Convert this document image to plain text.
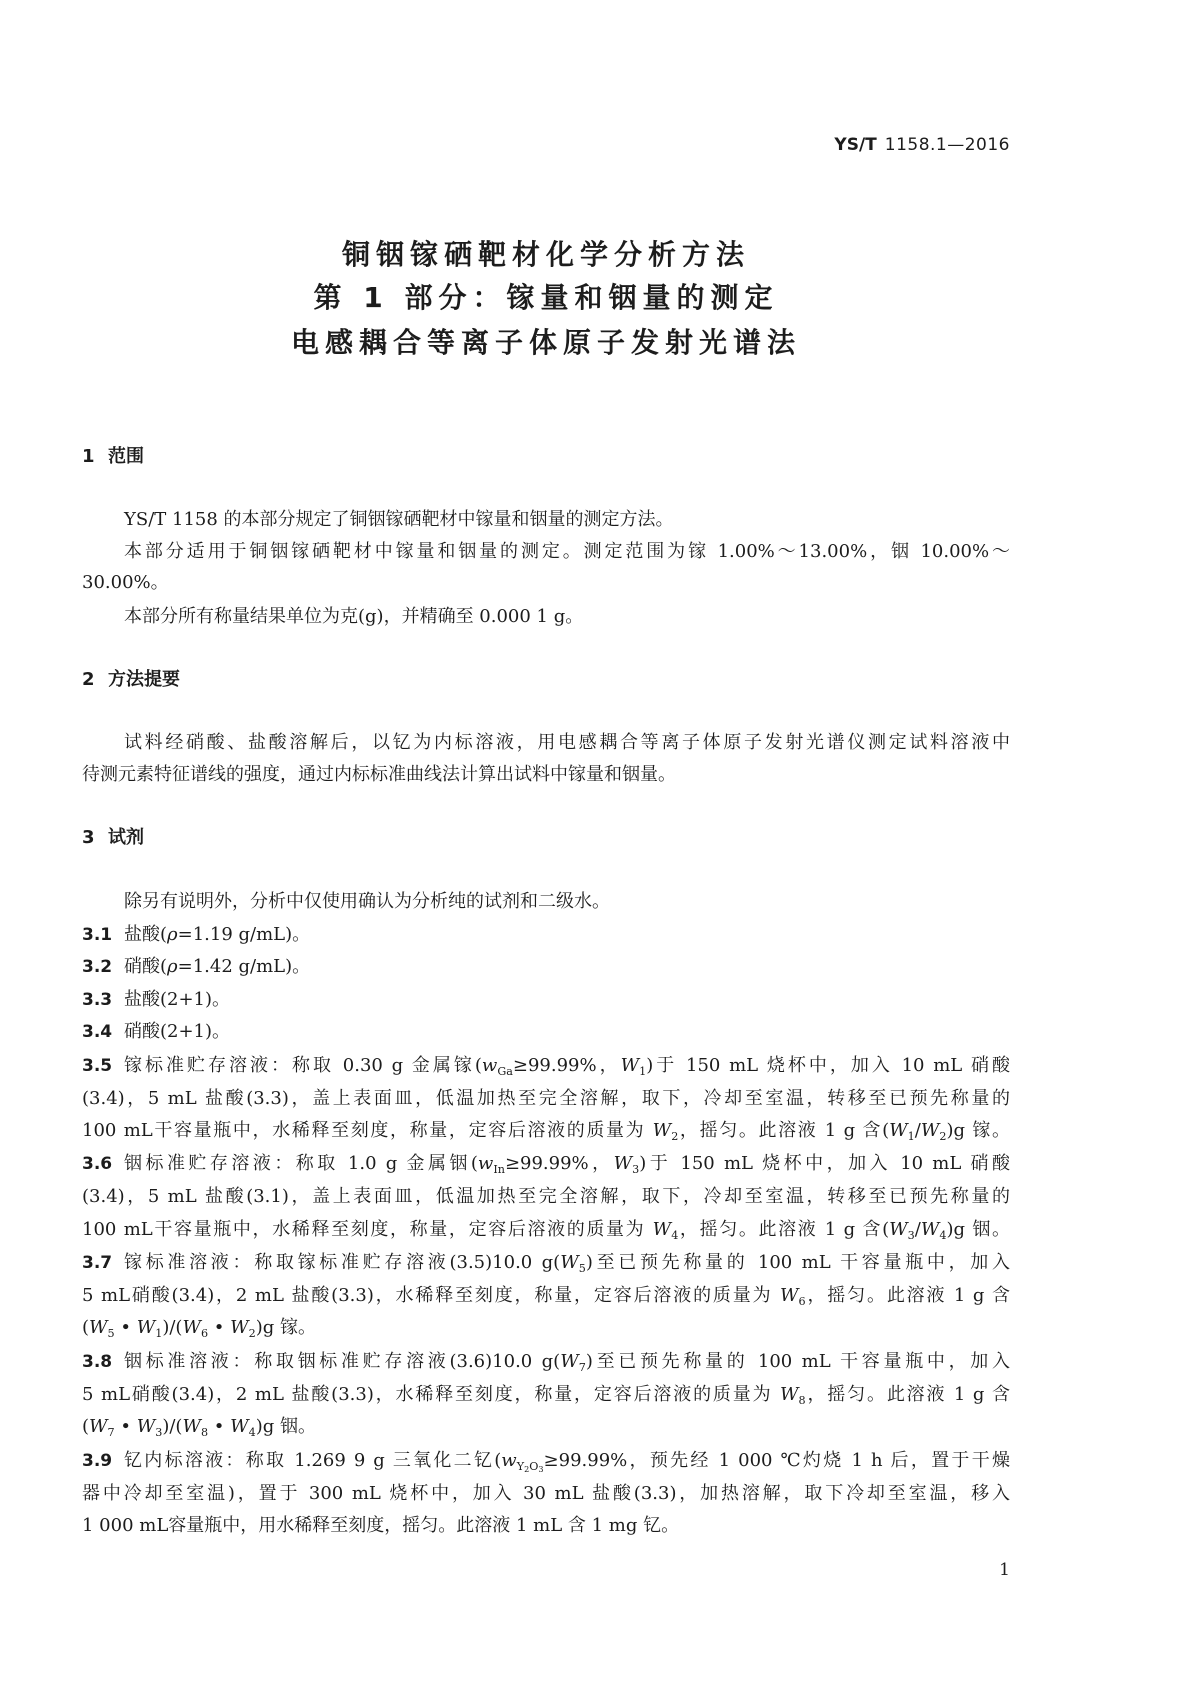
YS/T 1158.1—2016
铜铟镓硒靶材化学分析方法
第 1 部分：镓量和铟量的测定
电感耦合等离子体原子发射光谱法
1 范围
YS/T 1158 的本部分规定了铜铟镓硒靶材中镓量和铟量的测定方法。
本部分适用于铜铟镓硒靶材中镓量和铟量的测定。测定范围为镓 1.00%～13.00%，铟 10.00%～
30.00%。
本部分所有称量结果单位为克(g)，并精确至 0.000 1 g。
2 方法提要
试料经硝酸、盐酸溶解后，以钇为内标溶液，用电感耦合等离子体原子发射光谱仪测定试料溶液中
待测元素特征谱线的强度，通过内标标准曲线法计算出试料中镓量和铟量。
3 试剂
除另有说明外，分析中仅使用确认为分析纯的试剂和二级水。
3.1 盐酸(ρ=1.19 g/mL)。
3.2 硝酸(ρ=1.42 g/mL)。
3.3 盐酸(2+1)。
3.4 硝酸(2+1)。
3.5 镓标准贮存溶液：称取 0.30 g 金属镓($w_{Ga}\ge 99.99\%$，$W_1$)于 150 mL 烧杯中，加入 10 mL 硝酸
(3.4)，5 mL 盐酸(3.3)，盖上表面皿，低温加热至完全溶解，取下，冷却至室温，转移至已预先称量的
100 mL干容量瓶中，水稀释至刻度，称量，定容后溶液的质量为 $W_2$，摇匀。此溶液 1 g 含$(W_1/W_2)g$ 镓。
3.6 铟标准贮存溶液：称取 1.0 g 金属铟($w_{In}\ge 99.99\%$，$W_3$)于 150 mL 烧杯中，加入 10 mL 硝酸
(3.4)，5 mL 盐酸(3.1)，盖上表面皿，低温加热至完全溶解，取下，冷却至室温，转移至已预先称量的
100 mL干容量瓶中，水稀释至刻度，称量，定容后溶液的质量为 $W_4$，摇匀。此溶液 1 g 含$(W_3/W_4)g$ 铟。
3.7 镓标准溶液：称取镓标准贮存溶液(3.5)10.0 $g(W_5)$至已预先称量的 100 mL 干容量瓶中，加入
5 mL硝酸(3.4)，2 mL 盐酸(3.3)，水稀释至刻度，称量，定容后溶液的质量为 $W_6$，摇匀。此溶液 1 g 含
($W_5$ • $W_1)/(W_6$ • $W_2)g$ 镓。
3.8 铟标准溶液：称取铟标准贮存溶液(3.6)10.0 $g(W_7)$至已预先称量的 100 mL 干容量瓶中，加入
5 mL硝酸(3.4)，2 mL 盐酸(3.3)，水稀释至刻度，称量，定容后溶液的质量为 $W_8$，摇匀。此溶液 1 g 含
($W_7$ • $W_3)/(W_8$ • $W_4)g$ 铟。
3.9 钇内标溶液：称取 1.269 9 g 三氧化二钇($w_{Y2O3}\ge 99.99\%$，预先经 1 000 ℃灼烧 1 h 后，置于干燥
器中冷却至室温)，置于 300 mL 烧杯中，加入 30 mL 盐酸(3.3)，加热溶解，取下冷却至室温，移入
1 000 mL容量瓶中，用水稀释至刻度，摇匀。此溶液 1 mL 含 1 mg 钇。
1
